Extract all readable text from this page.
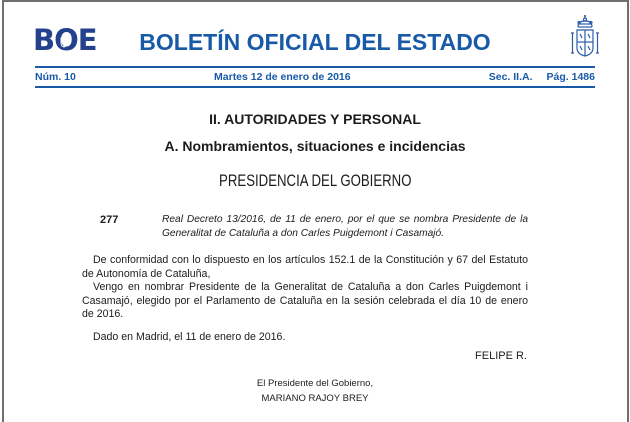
BOE	BOLETÍN OFICIAL DEL ESTADO
Núm. 10	Martes 12 de enero de 2016	Sec. II.A. Pág. 1486
II. AUTORIDADES Y PERSONAL
A. Nombramientos, situaciones e incidencias
PRESIDENCIA DEL GOBIERNO
277	Real Decreto 13/2016, de 11 de enero, por el que se nombra Presidente de la Generalitat de Cataluña a don Carles Puigdemont i Casamajó.

De conformidad con lo dispuesto en los artículos 152.1 de la Constitución y 67 del Estatuto de Autonomía de Cataluña,

Vengo en nombrar Presidente de la Generalitat de Cataluña a don Carles Puigdemont i Casamajó, elegido por el Parlamento de Cataluña en la sesión celebrada el día 10 de enero de 2016.

Dado en Madrid, el 11 de enero de 2016.

FELIPE R.
El Presidente del Gobierno,
MARIANO RAJOY BREY
